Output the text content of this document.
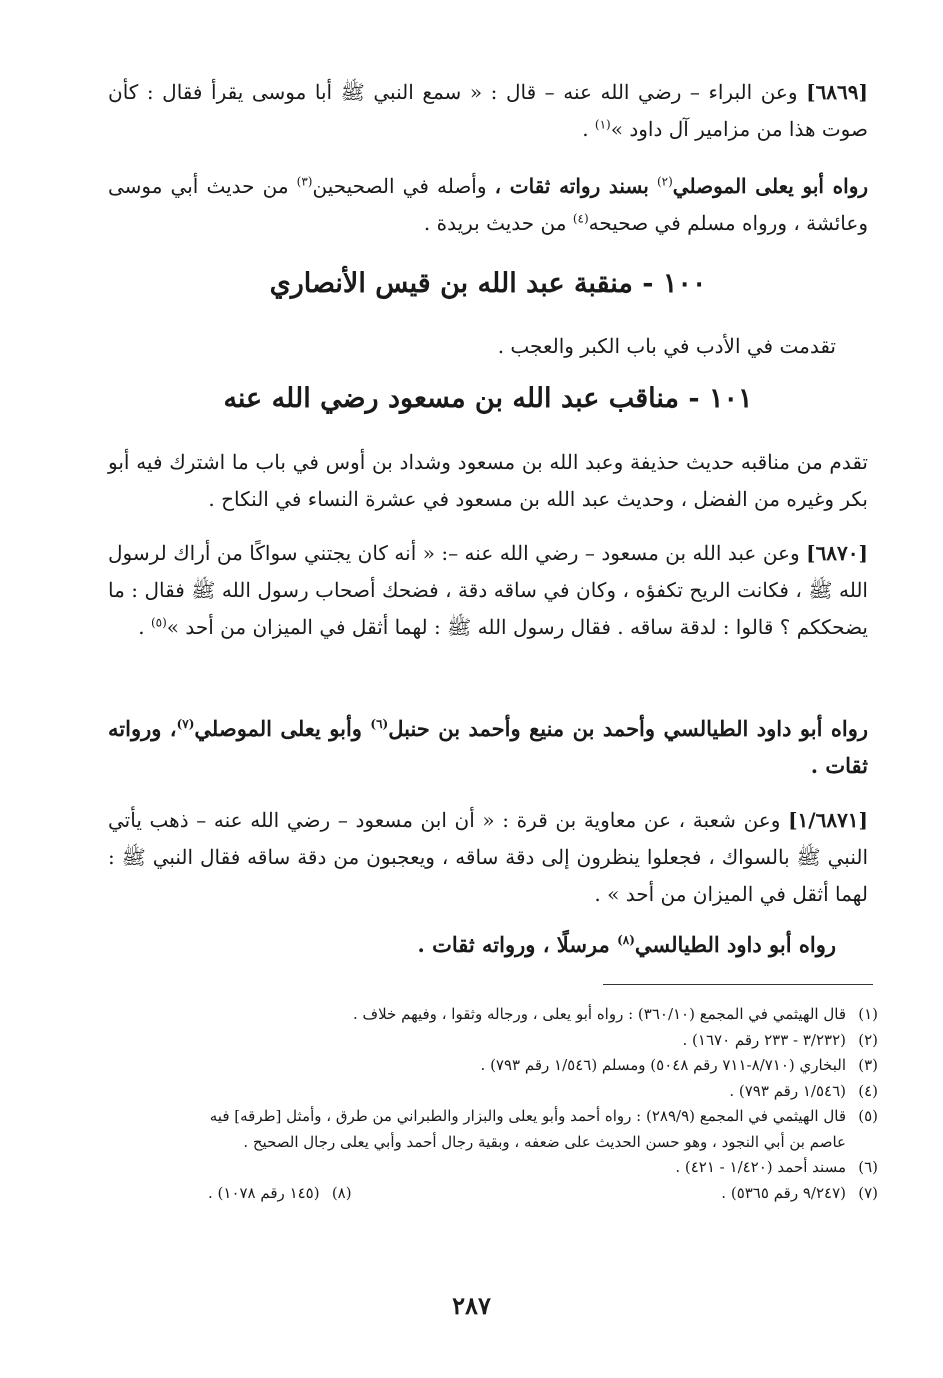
[٦٨٦٩] وعن البراء – رضي الله عنه – قال : « سمع النبي ﷺ أبا موسى يقرأ فقال : كأن صوت هذا من مزامير آل داود »$^{(١)}$ .
رواه أبو يعلى الموصلي$^{(٢)}$ بسند رواته ثقات ، وأصله في الصحيحين$^{(٣)}$ من حديث أبي موسى وعائشة ، ورواه مسلم في صحيحه$^{(٤)}$ من حديث بريدة .
١٠٠ - منقبة عبد الله بن قيس الأنصاري
تقدمت في الأدب في باب الكبر والعجب .
١٠١ - مناقب عبد الله بن مسعود رضي الله عنه
تقدم من مناقبه حديث حذيفة وعبد الله بن مسعود وشداد بن أوس في باب ما اشترك فيه أبو بكر وغيره من الفضل ، وحديث عبد الله بن مسعود في عشرة النساء في النكاح .
[٦٨٧٠] وعن عبد الله بن مسعود – رضي الله عنه –: « أنه كان يجتني سواكًا من أراك لرسول الله ﷺ ، فكانت الريح تكفؤه ، وكان في ساقه دقة ، فضحك أصحاب رسول الله ﷺ فقال : ما يضحككم ؟ قالوا : لدقة ساقه . فقال رسول الله ﷺ : لهما أثقل في الميزان من أحد »$^{(٥)}$ .
رواه أبو داود الطيالسي وأحمد بن منيع وأحمد بن حنبل$^{(٦)}$ وأبو يعلى الموصلي$^{(٧)}$، ورواته ثقات .
[١/٦٨٧١] وعن شعبة ، عن معاوية بن قرة : « أن ابن مسعود – رضي الله عنه – ذهب يأتي النبي ﷺ بالسواك ، فجعلوا ينظرون إلى دقة ساقه ، ويعجبون من دقة ساقه فقال النبي ﷺ : لهما أثقل في الميزان من أحد » .
رواه أبو داود الطيالسي$^{(٨)}$ مرسلًا ، ورواته ثقات .
(١)قال الهيثمي في المجمع (٣٦٠/١٠) : رواه أبو يعلى ، ورجاله وثقوا ، وفيهم خلاف .
(٢)(٣/٢٣٢ - ٢٣٣ رقم ١٦٧٠) .
(٣)البخاري (٨/٧١٠-٧١١ رقم ٥٠٤٨) ومسلم (١/٥٤٦ رقم ٧٩٣) .
(٤)(١/٥٤٦ رقم ٧٩٣) .
(٥)قال الهيثمي في المجمع (٢٨٩/٩) : رواه أحمد وأبو يعلى والبزار والطبراني من طرق ، وأمثل [طرقه] فيه
عاصم بن أبي النجود ، وهو حسن الحديث على ضعفه ، وبقية رجال أحمد وأبي يعلى رجال الصحيح .
(٦)مسند أحمد (١/٤٢٠ - ٤٢١) .
(٧)(٩/٢٤٧ رقم ٥٣٦٥) .
(٨)(١٤٥ رقم ١٠٧٨) .
٢٨٧
